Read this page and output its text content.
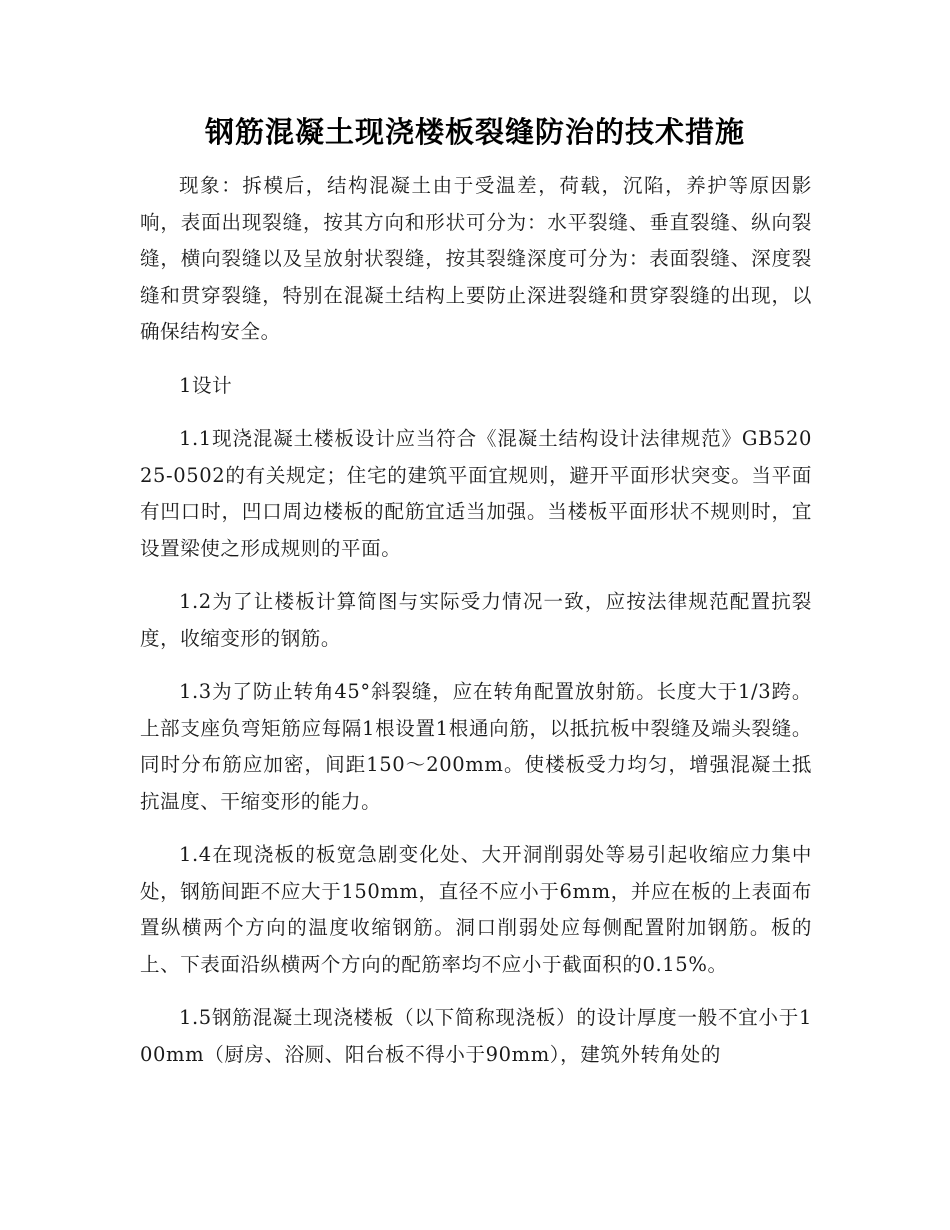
钢筋混凝土现浇楼板裂缝防治的技术措施

现象：拆模后，结构混凝土由于受温差，荷载，沉陷，养护等原因影响，表面出现裂缝，按其方向和形状可分为：水平裂缝、垂直裂缝、纵向裂缝，横向裂缝以及呈放射状裂缝，按其裂缝深度可分为：表面裂缝、深度裂缝和贯穿裂缝，特别在混凝土结构上要防止深进裂缝和贯穿裂缝的出现，以确保结构安全。

1设计

1.1现浇混凝土楼板设计应当符合《混凝土结构设计法律规范》GB52025-0502的有关规定；住宅的建筑平面宜规则，避开平面形状突变。当平面有凹口时，凹口周边楼板的配筋宜适当加强。当楼板平面形状不规则时，宜设置梁使之形成规则的平面。

1.2为了让楼板计算简图与实际受力情况一致，应按法律规范配置抗裂度，收缩变形的钢筋。

1.3为了防止转角45°斜裂缝，应在转角配置放射筋。长度大于1/3跨。上部支座负弯矩筋应每隔1根设置1根通向筋，以抵抗板中裂缝及端头裂缝。同时分布筋应加密，间距150～200mm。使楼板受力均匀，增强混凝土抵抗温度、干缩变形的能力。

1.4在现浇板的板宽急剧变化处、大开洞削弱处等易引起收缩应力集中处，钢筋间距不应大于150mm，直径不应小于6mm，并应在板的上表面布置纵横两个方向的温度收缩钢筋。洞口削弱处应每侧配置附加钢筋。板的上、下表面沿纵横两个方向的配筋率均不应小于截面积的0.15%。

1.5钢筋混凝土现浇楼板（以下简称现浇板）的设计厚度一般不宜小于100mm（厨房、浴厕、阳台板不得小于90mm），建筑外转角处的
